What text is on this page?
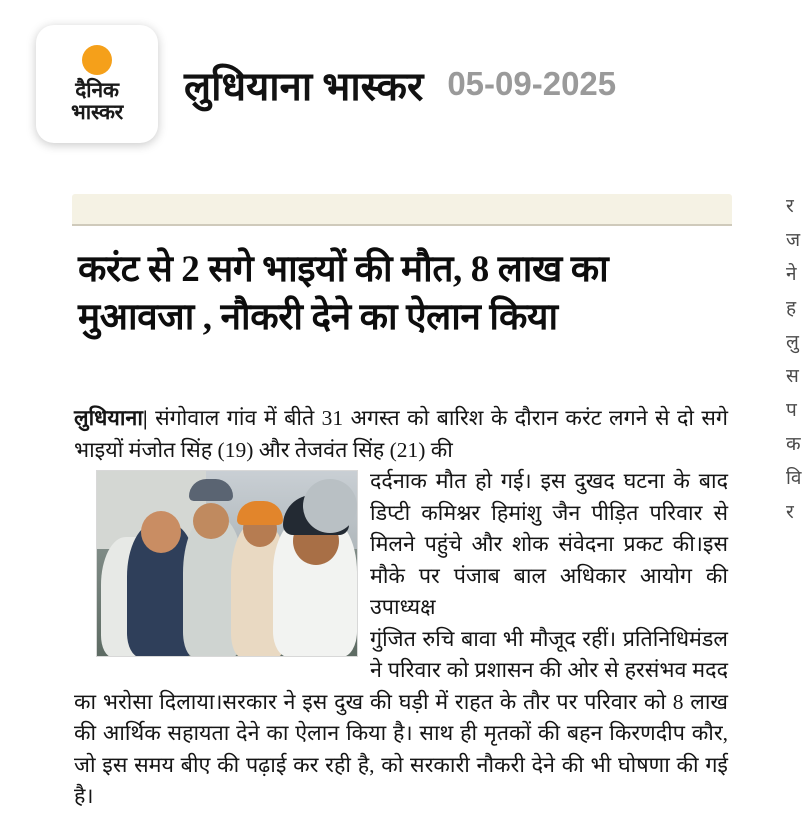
दैनिक
भास्कर
लुधियाना भास्कर 05-09-2025
करंट से 2 सगे भाइयों की मौत, 8 लाख का
मुआवजा , नौकरी देने का ऐलान किया

लुधियाना| संगोवाल गांव में बीते 31 अगस्त को बारिश के दौरान करंट लगने से दो सगे भाइयों मंजोत सिंह (19) और तेजवंत सिंह (21) की

दर्दनाक मौत हो गई। इस दुखद घटना के बाद डिप्टी कमिश्नर हिमांशु जैन पीड़ित परिवार से मिलने पहुंचे और शोक संवेदना प्रकट की।इस मौके पर पंजाब बाल अधिकार आयोग की उपाध्यक्ष

गुंजित रुचि बावा भी मौजूद रहीं। प्रतिनिधिमंडल ने परिवार को प्रशासन की ओर से हरसंभव मदद का भरोसा दिलाया।सरकार ने इस दुख की घड़ी में राहत के तौर पर परिवार को 8 लाख की आर्थिक सहायता देने का ऐलान किया है। साथ ही मृतकों की बहन किरणदीप कौर, जो इस समय बीए की पढ़ाई कर रही है, को सरकारी नौकरी देने की भी घोषणा की गई है।

र
ज
ने
ह
लु
स
प
क
वि
र
